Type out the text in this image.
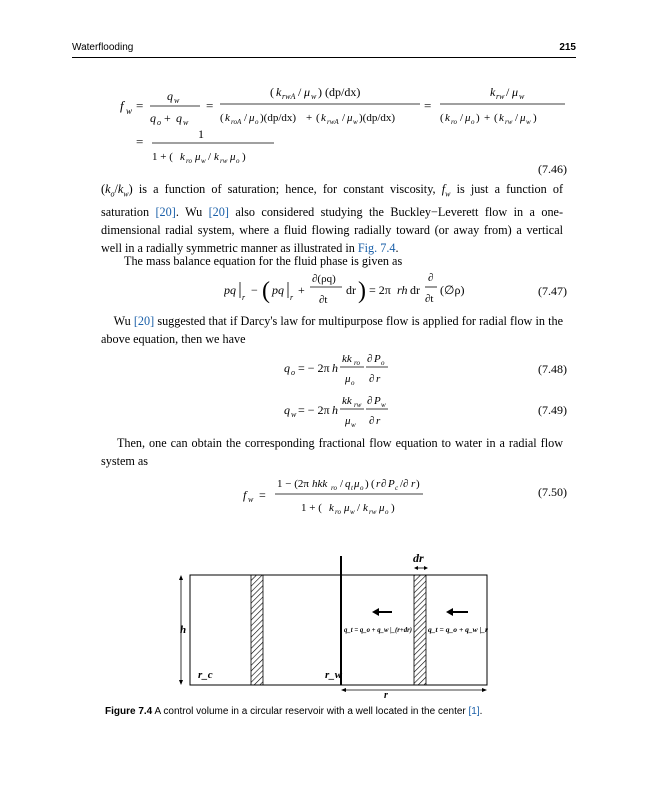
Waterflooding	215
f w =
q w
q o + q w
=
( k rwA / μ w ) (dp/dx)
( k roA / μ o )(dp/dx) + ( k rwA / μ w )(dp/dx)
=
k rw / μ w
( k ro / μ o ) + ( k rw / μ w )
=	1
1 + ( k ro μ w / k rw μ o )
(7.46)
$(k_o/k_w)$ is a function of saturation; hence, for constant viscosity, $f_w$ is just a function of saturation [20]. Wu [20] also considered studying the Buckley−Leverett flow in a one-dimensional radial system, where a fluid flowing radially toward (or away from) a vertical well in a radially symmetric manner as illustrated in Fig. 7.4.
The mass balance equation for the fluid phase is given as
pq
r
− ( pq
r
+
∂(ρq)
∂t
dr ) = 2π rh dr
∂
∂t
(∅ρ)	(7.47)
Wu [20] suggested that if Darcy's law for multipurpose flow is applied for radial flow in the above equation, then we have
q o = − 2π h
kk ro
μ o
∂ P o
∂ r
(7.48)
q w = − 2π h
kk rw
μ w
∂ P w
∂ r
(7.49)
Then, one can obtain the corresponding fractional flow equation to water in a radial flow system as
f w =
1 − (2π hkk ro / q t μ o ) ( r ∂ P c /∂ r )
1 + ( k ro μ w / k rw μ o )
(7.50)
dr
h
r_c	r_w
r
q_t = q_o + q_w |_(r+dr) q_t = q_o + q_w |_r
Figure 7.4 A control volume in a circular reservoir with a well located in the center [1].
